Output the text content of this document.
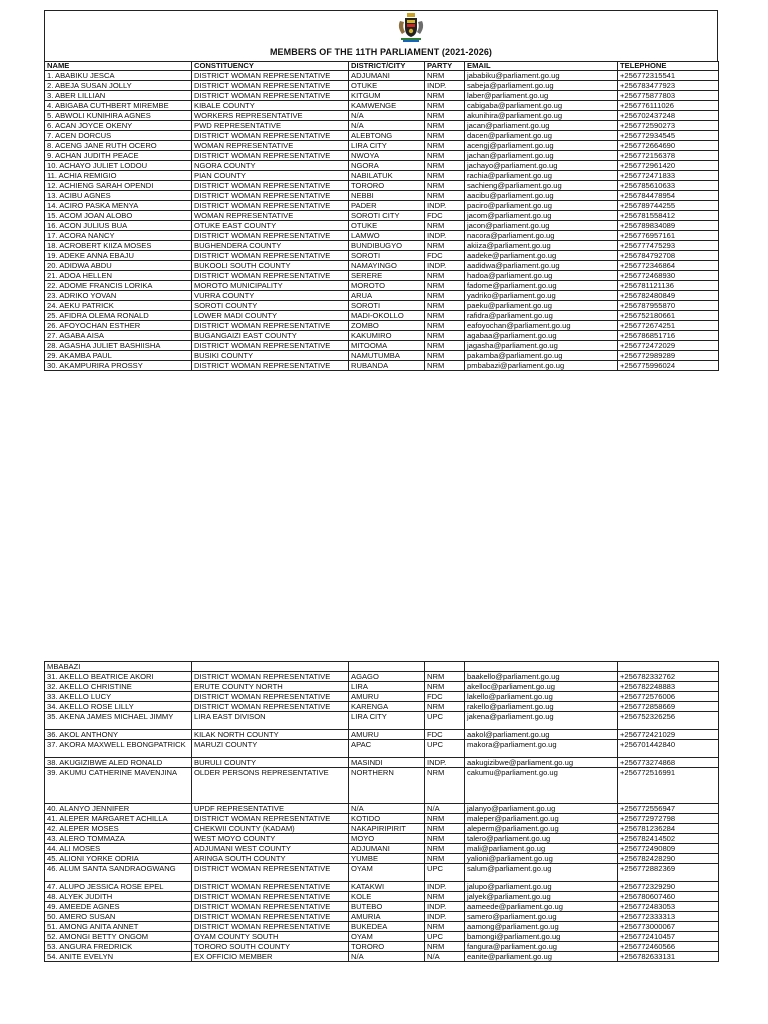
MEMBERS OF THE 11TH PARLIAMENT (2021-2026)
NAME	CONSTITUENCY	DISTRICT/CITY	PARTY	EMAIL	TELEPHONE
1. ABABIKU JESCA	DISTRICT WOMAN REPRESENTATIVE	ADJUMANI	NRM	jababiku@parliament.go.ug	+256772315541
2. ABEJA SUSAN JOLLY	DISTRICT WOMAN REPRESENTATIVE	OTUKE	INDP.	sabeja@parliament.go.ug	+256783477923
3. ABER LILLIAN	DISTRICT WOMAN REPRESENTATIVE	KITGUM	NRM	laber@parliament.go.ug	+256775877803
4. ABIGABA CUTHBERT MIREMBE	KIBALE COUNTY	KAMWENGE	NRM	cabigaba@parliament.go.ug	+256776111026
5. ABWOLI KUNIHIRA AGNES	WORKERS REPRESENTATIVE	N/A	NRM	akunihira@parliament.go.ug	+256702437248
6. ACAN JOYCE OKENY	PWD REPRESENTATIVE	N/A	NRM	jacan@parliament.go.ug	+256772590273
7. ACEN DORCUS	DISTRICT WOMAN REPRESENTATIVE	ALEBTONG	NRM	dacen@parliament.go.ug	+256772934545
8. ACENG JANE RUTH OCERO	WOMAN REPRESENTATIVE	LIRA CITY	NRM	acengj@parliament.go.ug	+256772664690
9. ACHAN JUDITH PEACE	DISTRICT WOMAN REPRESENTATIVE	NWOYA	NRM	jachan@parliament.go.ug	+256772156378
10. ACHAYO JULIET LODOU	NGORA COUNTY	NGORA	NRM	jachayo@parliament.go.ug	+256772961420
11. ACHIA REMIGIO	PIAN COUNTY	NABILATUK	NRM	rachia@parliament.go.ug	+256772471833
12. ACHIENG SARAH OPENDI	DISTRICT WOMAN REPRESENTATIVE	TORORO	NRM	sachieng@parliament.go.ug	+256785610633
13. ACIBU AGNES	DISTRICT WOMAN REPRESENTATIVE	NEBBI	NRM	aacibu@parliament.go.ug	+256784478954
14. ACIRO PASKA MENYA	DISTRICT WOMAN REPRESENTATIVE	PADER	INDP.	paciro@parliament.go.ug	+256789744255
15. ACOM JOAN ALOBO	WOMAN REPRESENTATIVE	SOROTI CITY	FDC	jacom@parliament.go.ug	+256781558412
16. ACON JULIUS BUA	OTUKE EAST COUNTY	OTUKE	NRM	jacon@parliament.go.ug	+256789834089
17. ACORA NANCY	DISTRICT WOMAN REPRESENTATIVE	LAMWO	INDP.	nacora@parliament.go.ug	+256776957161
18. ACROBERT KIIZA MOSES	BUGHENDERA COUNTY	BUNDIBUGYO	NRM	akiiza@parliament.go.ug	+256777475293
19. ADEKE ANNA EBAJU	DISTRICT WOMAN REPRESENTATIVE	SOROTI	FDC	aadeke@parliament.go.ug	+256784792708
20. ADIDWA ABDU	BUKOOLI SOUTH COUNTY	NAMAYINGO	INDP.	aadidwa@parliament.go.ug	+256772346864
21. ADOA HELLEN	DISTRICT WOMAN REPRESENTATIVE	SERERE	NRM	hadoa@parliament.go.ug	+256772468930
22. ADOME FRANCIS LORIKA	MOROTO MUNICIPALITY	MOROTO	NRM	fadome@parliament.go.ug	+256781121136
23. ADRIKO YOVAN	VURRA COUNTY	ARUA	NRM	yadriko@parliament.go.ug	+256782480849
24. AEKU PATRICK	SOROTI COUNTY	SOROTI	NRM	paeku@parliament.go.ug	+256787955870
25. AFIDRA OLEMA RONALD	LOWER MADI COUNTY	MADI-OKOLLO	NRM	rafidra@parliament.go.ug	+256752180661
26. AFOYOCHAN ESTHER	DISTRICT WOMAN REPRESENTATIVE	ZOMBO	NRM	eafoyochan@parliament.go.ug	+256772674251
27. AGABA AISA	BUGANGAIZI EAST COUNTY	KAKUMIRO	NRM	agabaa@parliament.go.ug	+256786851716
28. AGASHA JULIET BASHIISHA	DISTRICT WOMAN REPRESENTATIVE	MITOOMA	NRM	jagasha@parliament.go.ug	+256772472029
29. AKAMBA PAUL	BUSIKI COUNTY	NAMUTUMBA	NRM	pakamba@parliament.go.ug	+256772989289
30. AKAMPURIRA PROSSY	DISTRICT WOMAN REPRESENTATIVE	RUBANDA	NRM	pmbabazi@parliament.go.ug	+256775996024
MBABAZI					
31. AKELLO BEATRICE AKORI	DISTRICT WOMAN REPRESENTATIVE	AGAGO	NRM	baakello@parliament.go.ug	+256782332762
32. AKELLO CHRISTINE	ERUTE COUNTY NORTH	LIRA	NRM	akelloc@parliament.go.ug	+256782248883
33. AKELLO LUCY	DISTRICT WOMAN REPRESENTATIVE	AMURU	FDC	lakello@parliament.go.ug	+256772576006
34. AKELLO ROSE LILLY	DISTRICT WOMAN REPRESENTATIVE	KARENGA	NRM	rakello@parliament.go.ug	+256772858669
35. AKENA JAMES MICHAEL JIMMY	LIRA EAST DIVISON	LIRA CITY	UPC	jakena@parliament.go.ug	+256752326256
36. AKOL ANTHONY	KILAK NORTH COUNTY	AMURU	FDC	aakol@parliament.go.ug	+256772421029
37. AKORA MAXWELL EBONGPATRICK	MARUZI COUNTY	APAC	UPC	makora@parliament.go.ug	+256701442840
38. AKUGIZIBWE ALED RONALD	BURULI COUNTY	MASINDI	INDP.	aakugizibwe@parliament.go.ug	+256773274868
39. AKUMU CATHERINE MAVENJINA	OLDER PERSONS REPRESENTATIVE	NORTHERN	NRM	cakumu@parliament.go.ug	+256772516991
40. ALANYO JENNIFER	UPDF REPRESENTATIVE	N/A	N/A	jalanyo@parliament.go.ug	+256772556947
41. ALEPER MARGARET ACHILLA	DISTRICT WOMAN REPRESENTATIVE	KOTIDO	NRM	maleper@parliament.go.ug	+256772972798
42. ALEPER MOSES	CHEKWII COUNTY (KADAM)	NAKAPIRIPIRIT	NRM	aleperm@parliament.go.ug	+256781236284
43. ALERO TOMMAZA	WEST MOYO COUNTY	MOYO	NRM	talero@parliament.go.ug	+256782414502
44. ALI MOSES	ADJUMANI WEST COUNTY	ADJUMANI	NRM	mali@parliament.go.ug	+256772490809
45. ALIONI YORKE ODRIA	ARINGA SOUTH COUNTY	YUMBE	NRM	yalioni@parliament.go.ug	+256782428290
46. ALUM SANTA SANDRAOGWANG	DISTRICT WOMAN REPRESENTATIVE	OYAM	UPC	salum@parliament.go.ug	+256772882369
47. ALUPO JESSICA ROSE EPEL	DISTRICT WOMAN REPRESENTATIVE	KATAKWI	INDP.	jalupo@parliament.go.ug	+256772329290
48. ALYEK JUDITH	DISTRICT WOMAN REPRESENTATIVE	KOLE	NRM	jalyek@parliament.go.ug	+256780607460
49. AMEEDE AGNES	DISTRICT WOMAN REPRESENTATIVE	BUTEBO	INDP.	aameede@parliament.go.ug	+256772483053
50. AMERO SUSAN	DISTRICT WOMAN REPRESENTATIVE	AMURIA	INDP.	samero@parliament.go.ug	+256772333313
51. AMONG ANITA ANNET	DISTRICT WOMAN REPRESENTATIVE	BUKEDEA	NRM	aamong@parliament.go.ug	+256773000067
52. AMONGI BETTY ONGOM	OYAM COUNTY SOUTH	OYAM	UPC	bamongi@parliament.go.ug	+256772410457
53. ANGURA FREDRICK	TORORO SOUTH COUNTY	TORORO	NRM	fangura@parliament.go.ug	+256772460566
54. ANITE EVELYN	EX OFFICIO MEMBER	N/A	N/A	eanite@parliament.go.ug	+256782633131
